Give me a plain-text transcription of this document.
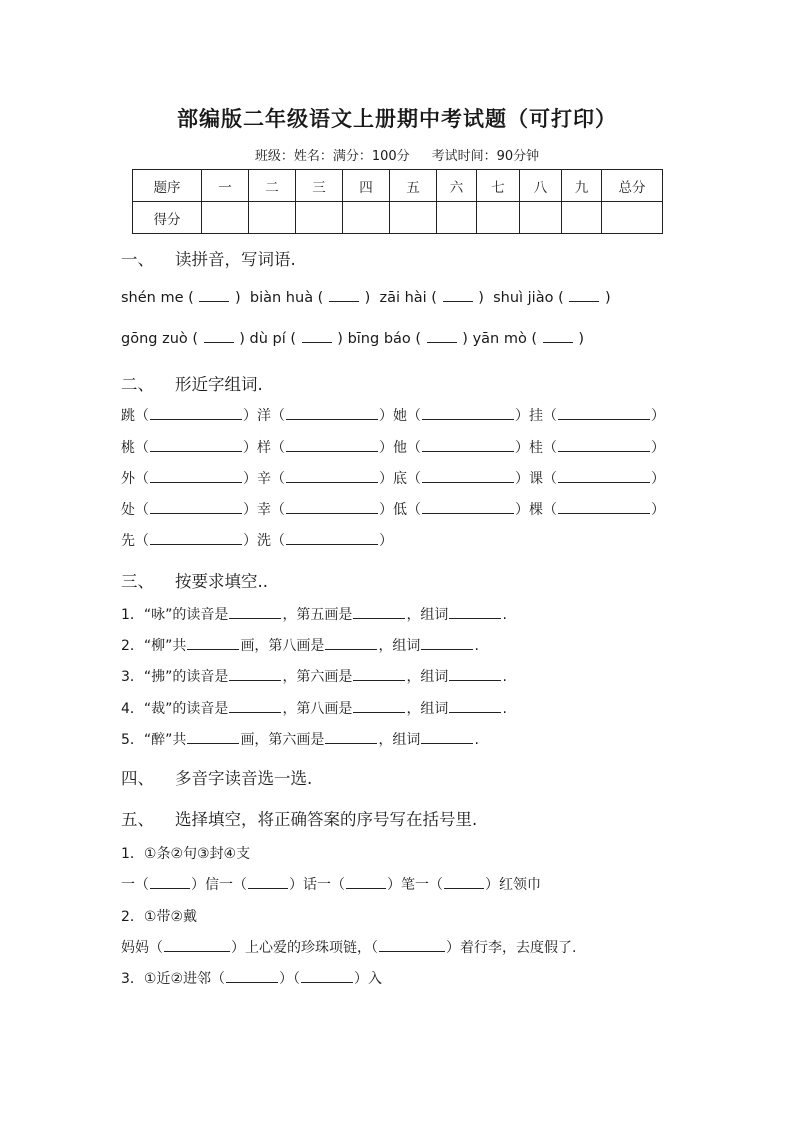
部编版二年级语文上册期中考试题（可打印）
班级：姓名：满分：100分 考试时间：90分钟
题序	一	二	三	四	五	六	七	八	九	总分
得分										
一、 读拼音，写词语.
shén me (  )  biàn huà (  )  zāi hài (  )  shuì jiào (  )
gōng zuò (  ) dù pí (  ) bīng báo (  ) yān mò (  )
二、 形近字组词.
跳（	）洋（	）她（	）挂（	）
桃（	）样（	）他（	）桂（	）
外（	）辛（	）底（	）课（	）
处（	）幸（	）低（	）棵（	）
先（	）洗（	）
三、 按要求填空..
1．“咏”的读音是	，第五画是	，组词	.
2．“柳”共	画，第八画是	，组词	.
3．“拂”的读音是	，第六画是	，组词	.
4．“裁”的读音是	，第八画是	，组词	.
5．“醉”共	画，第六画是	，组词	.
四、 多音字读音选一选.
五、 选择填空，将正确答案的序号写在括号里.
1．①条②句③封④支
一（	）信一（	）话一（	）笔一（	）红领巾
2．①带②戴
妈妈（	）上心爱的珍珠项链，（	）着行李，去度假了.
3．①近②进邻（	）（	）入
